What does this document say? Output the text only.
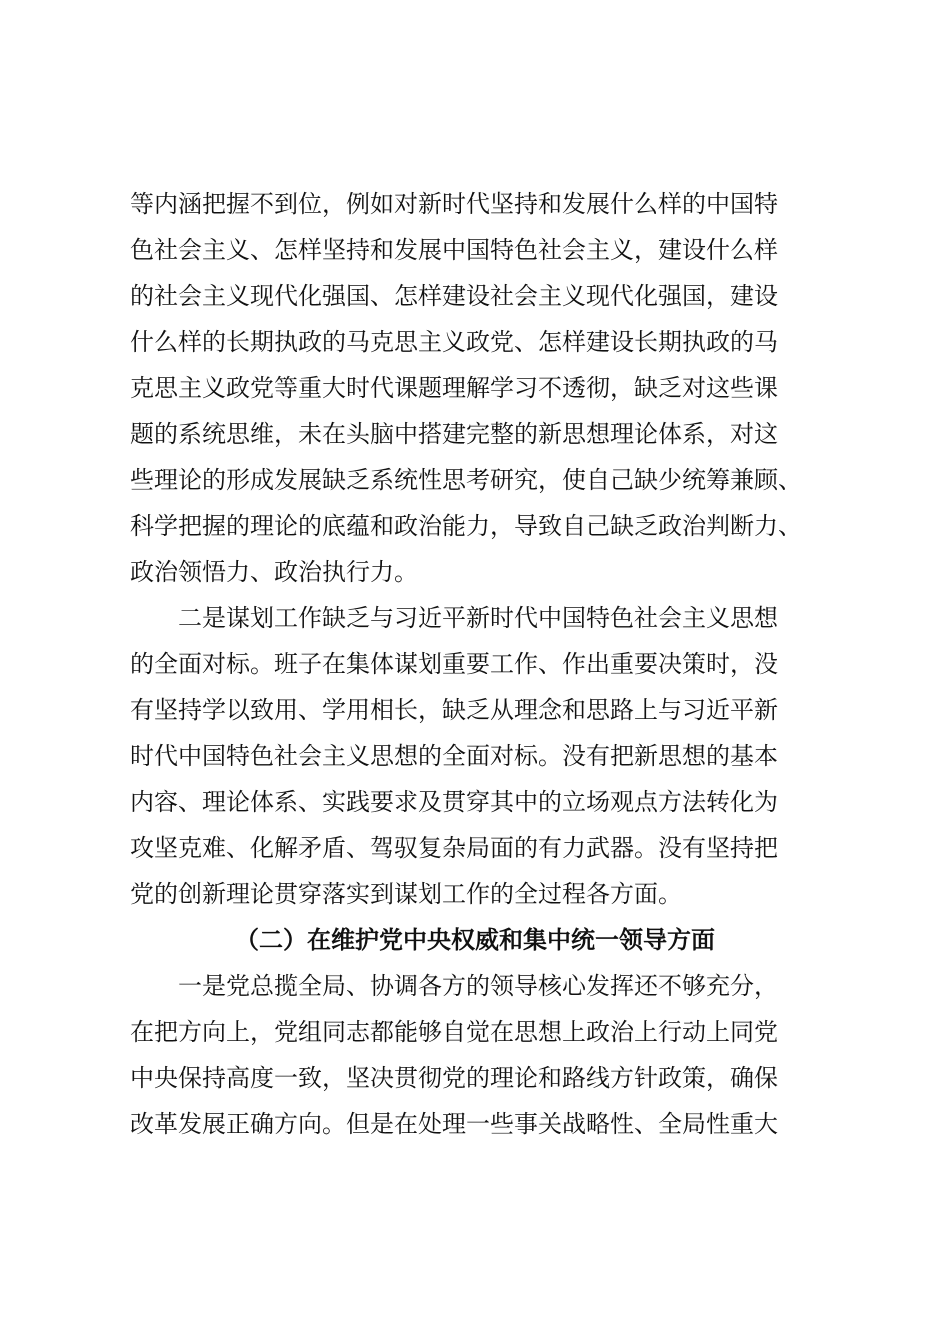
等内涵把握不到位，例如对新时代坚持和发展什么样的中国特
色社会主义、怎样坚持和发展中国特色社会主义，建设什么样
的社会主义现代化强国、怎样建设社会主义现代化强国，建设
什么样的长期执政的马克思主义政党、怎样建设长期执政的马
克思主义政党等重大时代课题理解学习不透彻，缺乏对这些课
题的系统思维，未在头脑中搭建完整的新思想理论体系，对这
些理论的形成发展缺乏系统性思考研究，使自己缺少统筹兼顾、
科学把握的理论的底蕴和政治能力，导致自己缺乏政治判断力、
政治领悟力、政治执行力。
二是谋划工作缺乏与习近平新时代中国特色社会主义思想
的全面对标。班子在集体谋划重要工作、作出重要决策时，没
有坚持学以致用、学用相长，缺乏从理念和思路上与习近平新
时代中国特色社会主义思想的全面对标。没有把新思想的基本
内容、理论体系、实践要求及贯穿其中的立场观点方法转化为
攻坚克难、化解矛盾、驾驭复杂局面的有力武器。没有坚持把
党的创新理论贯穿落实到谋划工作的全过程各方面。
（二）在维护党中央权威和集中统一领导方面
一是党总揽全局、协调各方的领导核心发挥还不够充分，
在把方向上，党组同志都能够自觉在思想上政治上行动上同党
中央保持高度一致，坚决贯彻党的理论和路线方针政策，确保
改革发展正确方向。但是在处理一些事关战略性、全局性重大
